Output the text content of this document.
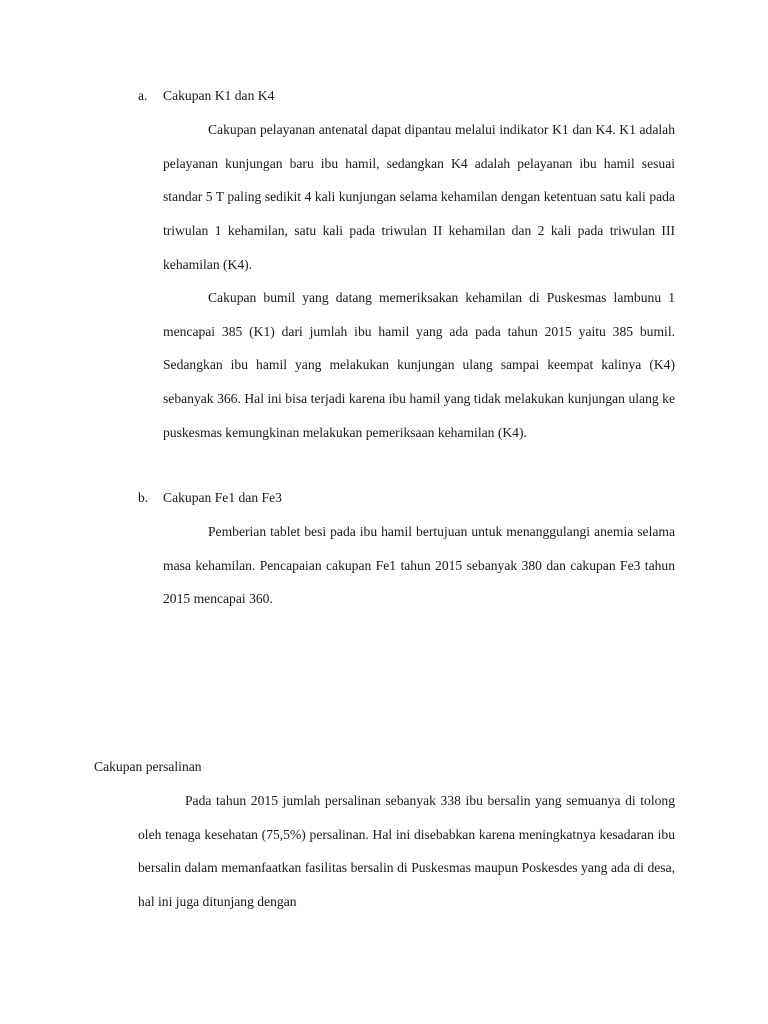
a. Cakupan K1 dan K4

Cakupan pelayanan antenatal dapat dipantau melalui indikator K1 dan K4. K1 adalah pelayanan kunjungan baru ibu hamil, sedangkan K4 adalah pelayanan ibu hamil sesuai standar 5 T paling sedikit 4 kali kunjungan selama kehamilan dengan ketentuan satu kali pada triwulan 1 kehamilan, satu kali pada triwulan II kehamilan dan 2 kali pada triwulan III kehamilan (K4).

Cakupan bumil yang datang memeriksakan kehamilan di Puskesmas lambunu 1 mencapai 385 (K1) dari jumlah ibu hamil yang ada pada tahun 2015 yaitu 385 bumil. Sedangkan ibu hamil yang melakukan kunjungan ulang sampai keempat kalinya (K4) sebanyak 366. Hal ini bisa terjadi karena ibu hamil yang tidak melakukan kunjungan ulang ke puskesmas kemungkinan melakukan pemeriksaan kehamilan (K4).

b. Cakupan Fe1 dan Fe3

Pemberian tablet besi pada ibu hamil bertujuan untuk menanggulangi anemia selama masa kehamilan. Pencapaian cakupan Fe1 tahun 2015 sebanyak 380 dan cakupan Fe3 tahun 2015 mencapai 360.

Cakupan persalinan

Pada tahun 2015 jumlah persalinan sebanyak 338 ibu bersalin yang semuanya di tolong oleh tenaga kesehatan (75,5%) persalinan. Hal ini disebabkan karena meningkatnya kesadaran ibu bersalin dalam memanfaatkan fasilitas bersalin di Puskesmas maupun Poskesdes yang ada di desa, hal ini juga ditunjang dengan
